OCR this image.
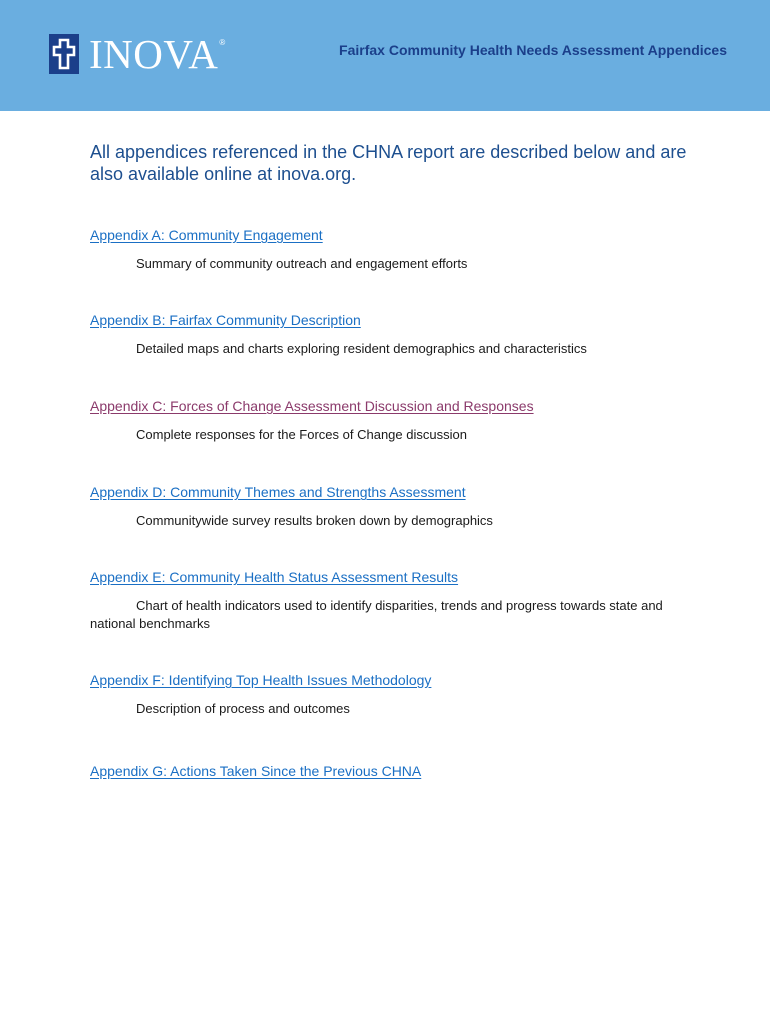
INOVA ®	Fairfax Community Health Needs Assessment Appendices

All appendices referenced in the CHNA report are described below and are also available online at inova.org.

Appendix A: Community Engagement
Summary of community outreach and engagement efforts
Appendix B: Fairfax Community Description
Detailed maps and charts exploring resident demographics and characteristics
Appendix C: Forces of Change Assessment Discussion and Responses
Complete responses for the Forces of Change discussion
Appendix D: Community Themes and Strengths Assessment
Communitywide survey results broken down by demographics
Appendix E: Community Health Status Assessment Results
Chart of health indicators used to identify disparities, trends and progress towards state and national benchmarks
Appendix F: Identifying Top Health Issues Methodology
Description of process and outcomes
Appendix G: Actions Taken Since the Previous CHNA
